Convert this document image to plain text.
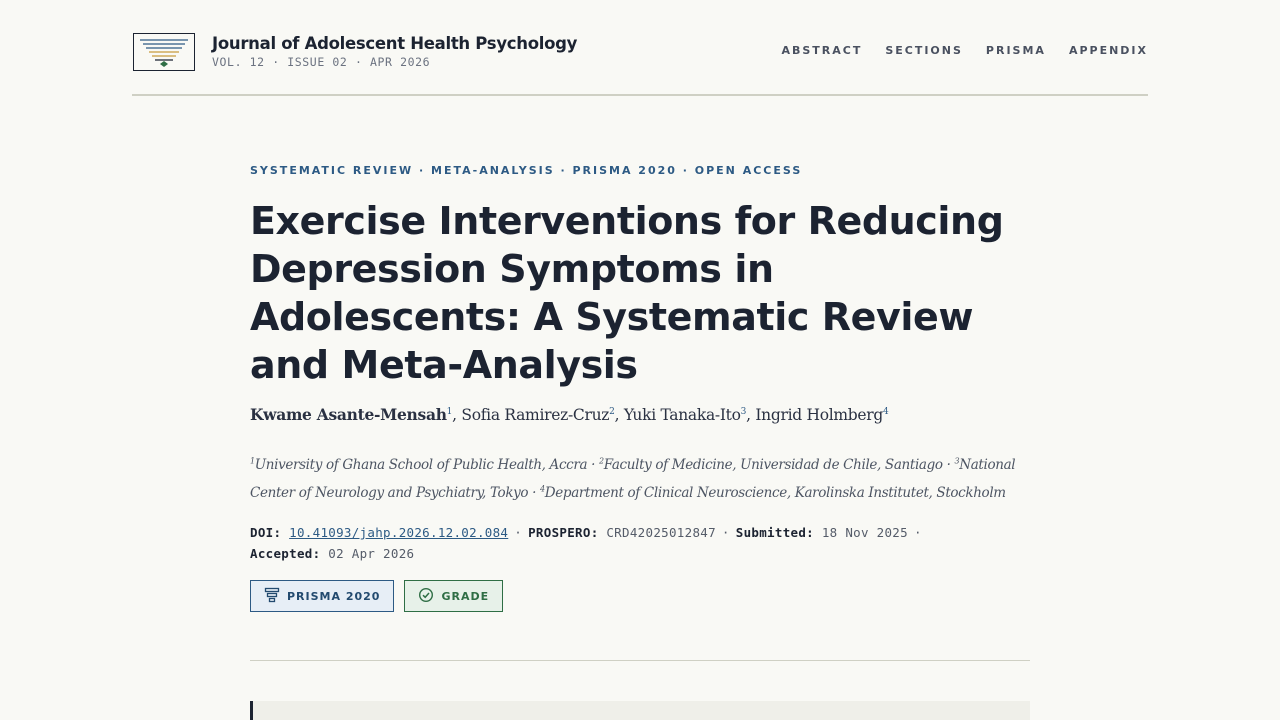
Journal of Adolescent Health Psychology
VOL. 12 · ISSUE 02 · APR 2026
ABSTRACT SECTIONS PRISMA APPENDIX
SYSTEMATIC REVIEW · META-ANALYSIS · PRISMA 2020 · OPEN ACCESS
Exercise Interventions for Reducing Depression Symptoms in Adolescents: A Systematic Review and Meta-Analysis
Kwame Asante-Mensah$^1$, Sofia Ramirez-Cruz$^2$, Yuki Tanaka-Ito$^3$, Ingrid Holmberg$^4$
$^1$University of Ghana School of Public Health, Accra · $^2$Faculty of Medicine, Universidad de Chile, Santiago · $^3$National Center of Neurology and Psychiatry, Tokyo · $^4$Department of Clinical Neuroscience, Karolinska Institutet, Stockholm
DOI: 10.41093/jahp.2026.12.02.084 · PROSPERO: CRD42025012847 · Submitted: 18 Nov 2025 ·
Accepted: 02 Apr 2026
PRISMA 2020	GRADE
